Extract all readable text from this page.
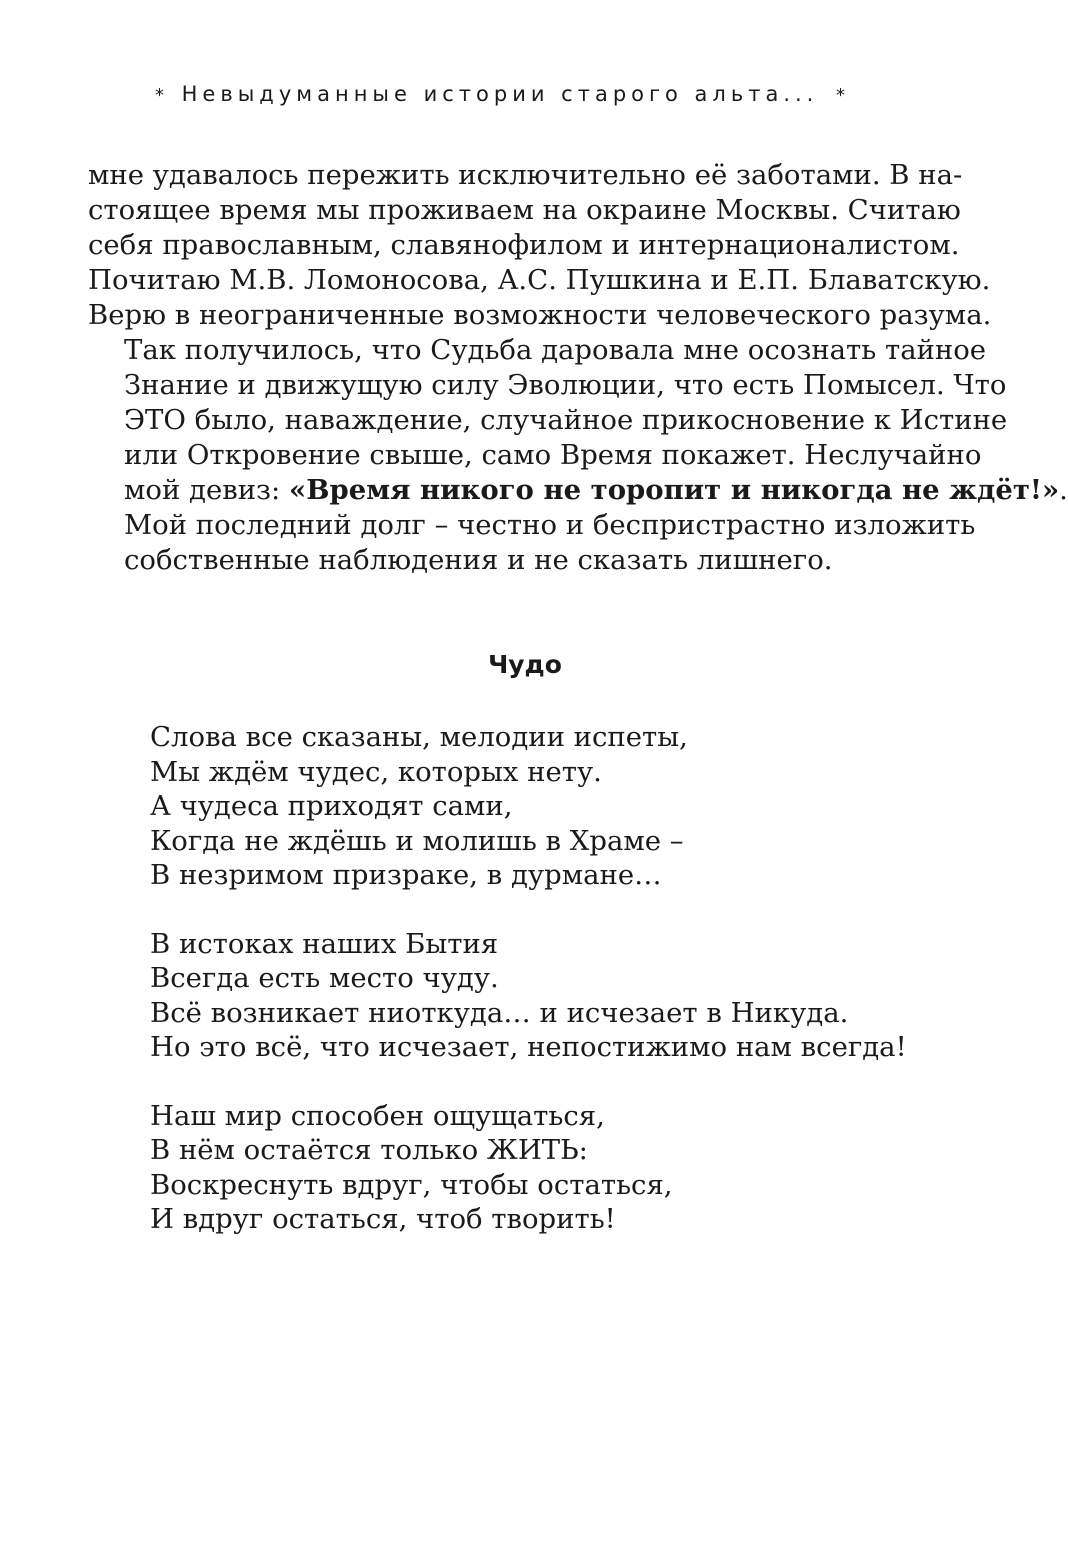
* Невыдуманные истории старого альта... *

мне удавалось пережить исключительно её заботами. В на-
стоящее время мы проживаем на окраине Москвы. Считаю
себя православным, славянофилом и интернационалистом.
Почитаю М.В. Ломоносова, А.С. Пушкина и Е.П. Блаватскую.
Верю в неограниченные возможности человеческого разума.

Так получилось, что Судьба даровала мне осознать тайное
Знание и движущую силу Эволюции, что есть Помысел. Что
ЭТО было, наваждение, случайное прикосновение к Истине
или Откровение свыше, само Время покажет. Неслучайно
мой девиз: «Время никого не торопит и никогда не ждёт!».
Мой последний долг – честно и беспристрастно изложить
собственные наблюдения и не сказать лишнего.

Чудо
Слова все сказаны, мелодии испеты,
Мы ждём чудес, которых нету.
А чудеса приходят сами,
Когда не ждёшь и молишь в Храме –
В незримом призраке, в дурмане…
В истоках наших Бытия
Всегда есть место чуду.
Всё возникает ниоткуда… и исчезает в Никуда.
Но это всё, что исчезает, непостижимо нам всегда!
Наш мир способен ощущаться,
В нём остаётся только ЖИТЬ:
Воскреснуть вдруг, чтобы остаться,
И вдруг остаться, чтоб творить!
